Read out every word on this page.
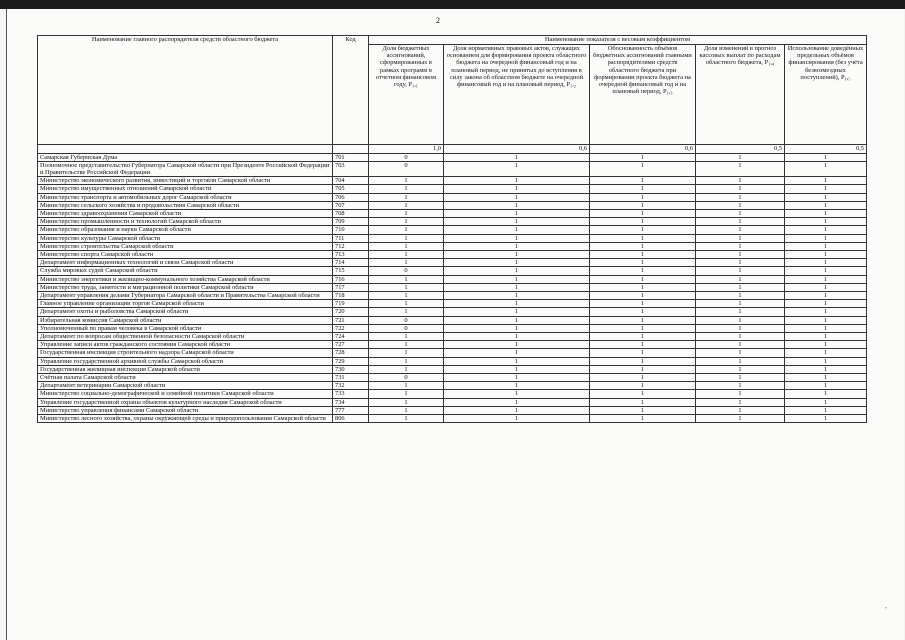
2
Наименование главного распорядителя средств областного бюджета	Код	Наименование показателя с весовым коэффициентом				
		Доля бюджетных ассигнований, сформированных в рамках программ в отчетном финансовом году, P₁,₁	Доля нормативных правовых актов, служащих основанием для формирования проекта областного бюджета на очередной финансовый год и на плановый период, не принятых до вступления в силу закона об областном бюджете на очередной финансовый год и на плановый период, P₁,₂	Обоснованность объёмов бюджетных ассигнований главными распорядителями средств областного бюджета при формировании проекта бюджета на очередной финансовый год и на плановый период, P₁,₃	Доля изменений в прогноз кассовых выплат по расходам областного бюджета, P₁,₄	Использование доведённых предельных объёмов финансирования (без учёта безвозмездных поступлений), P₁,₅
		1,0	0,6	0,6	0,5	0,5
Самарская Губернская Дума	701	0	1	1	1	1
Полномочное представительство Губернатора Самарской области при Президенте Российской Федерации и Правительстве Российской Федерации	703	0	1	1	1	1
Министерство экономического развития, инвестиций и торговли Самарской области	704	1	1	1	1	1
Министерство имущественных отношений Самарской области	705	1	1	1	1	1
Министерство транспорта и автомобильных дорог Самарской области	706	1	1	1	1	1
Министерство сельского хозяйства и продовольствия Самарской области	707	1	1	1	1	1
Министерство здравоохранения Самарской области	708	1	1	1	1	1
Министерство промышленности и технологий Самарской области	709	1	1	1	1	1
Министерство образования и науки Самарской области	710	1	1	1	1	1
Министерство культуры Самарской области	711	1	1	1	1	1
Министерство строительства Самарской области	712	1	1	1	1	1
Министерство спорта Самарской области	713	1	1	1	1	1
Департамент информационных технологий и связи Самарской области	714	1	1	1	1	1
Служба мировых судей Самарской области	715	0	1	1	1	1
Министерство энергетики и жилищно-коммунального хозяйства Самарской области	716	1	1	1	1	1
Министерство труда, занятости и миграционной политики Самарской области	717	1	1	1	1	1
Департамент управления делами Губернатора Самарской области и Правительства Самарской области	718	1	1	1	1	1
Главное управление организации торгов Самарской области	719	1	1	1	1	1
Департамент охоты и рыболовства Самарской области	720	1	1	1	1	1
Избирательная комиссия Самарской области	721	0	1	1	1	1
Уполномоченный по правам человека в Самарской области	722	0	1	1	1	1
Департамент по вопросам общественной безопасности Самарской области	724	1	1	1	1	1
Управление записи актов гражданского состояния Самарской области	727	1	1	1	1	1
Государственная инспекция строительного надзора Самарской области	728	1	1	1	1	1
Управление государственной архивной службы Самарской области	729	1	1	1	1	1
Государственная жилищная инспекция Самарской области	730	1	1	1	1	1
Счётная палата Самарской области	731	0	1	1	1	1
Департамент ветеринарии Самарской области	732	1	1	1	1	1
Министерство социально-демографической и семейной политики Самарской области	733	1	1	1	1	1
Управление государственной охраны объектов культурного наследия Самарской области	734	1	1	1	1	1
Министерство управления финансами Самарской области	777	1	1	1	1	1
Министерство лесного хозяйства, охраны окружающей среды и природопользования Самарской области	806	1	1	1	1	1
,
